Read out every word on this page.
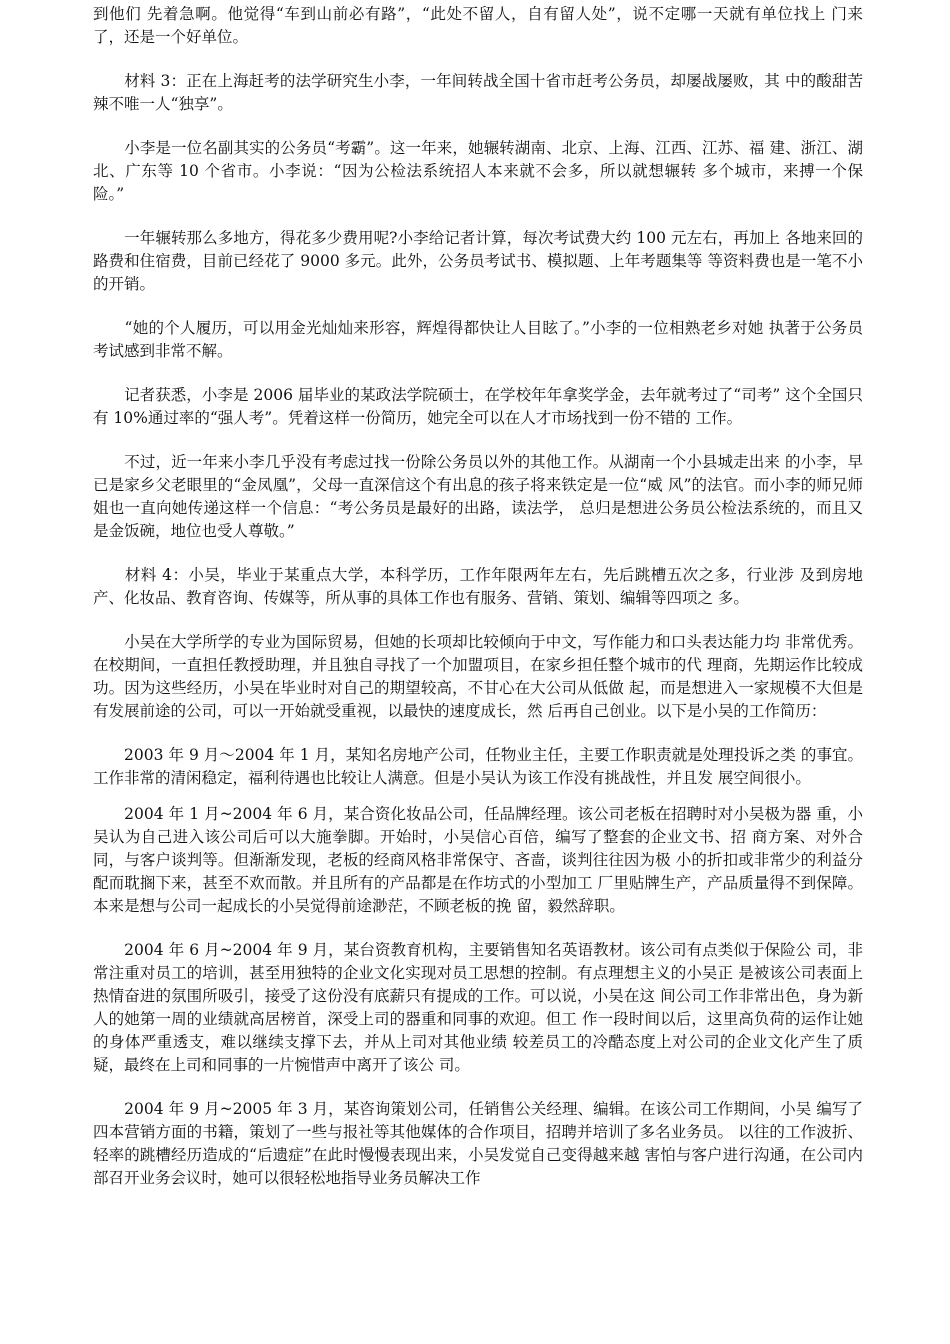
到他们 先着急啊。他觉得“车到山前必有路”，“此处不留人，自有留人处”，说不定哪一天就有单位找上 门来了，还是一个好单位。

　　材料 3：正在上海赶考的法学研究生小李，一年间转战全国十省市赶考公务员，却屡战屡败，其 中的酸甜苦辣不唯一人“独享”。

　　小李是一位名副其实的公务员“考霸”。这一年来，她辗转湖南、北京、上海、江西、江苏、福 建、浙江、湖北、广东等 10 个省市。小李说：“因为公检法系统招人本来就不会多，所以就想辗转 多个城市，来搏一个保险。”

　　一年辗转那么多地方，得花多少费用呢?小李给记者计算，每次考试费大约 100 元左右，再加上 各地来回的路费和住宿费，目前已经花了 9000 多元。此外，公务员考试书、模拟题、上年考题集等 等资料费也是一笔不小的开销。

　　“她的个人履历，可以用金光灿灿来形容，辉煌得都快让人目眩了。”小李的一位相熟老乡对她 执著于公务员考试感到非常不解。

　　记者获悉，小李是 2006 届毕业的某政法学院硕士，在学校年年拿奖学金，去年就考过了“司考” 这个全国只有 10%通过率的“强人考”。凭着这样一份简历，她完全可以在人才市场找到一份不错的 工作。

　　不过，近一年来小李几乎没有考虑过找一份除公务员以外的其他工作。从湖南一个小县城走出来 的小李，早已是家乡父老眼里的“金凤凰”，父母一直深信这个有出息的孩子将来铁定是一位“威 风”的法官。而小李的师兄师姐也一直向她传递这样一个信息：“考公务员是最好的出路，读法学， 总归是想进公务员公检法系统的，而且又是金饭碗，地位也受人尊敬。”

　　材料 4：小吴，毕业于某重点大学，本科学历，工作年限两年左右，先后跳槽五次之多，行业涉 及到房地产、化妆品、教育咨询、传媒等，所从事的具体工作也有服务、营销、策划、编辑等四项之 多。

　　小吴在大学所学的专业为国际贸易，但她的长项却比较倾向于中文，写作能力和口头表达能力均 非常优秀。在校期间，一直担任教授助理，并且独自寻找了一个加盟项目，在家乡担任整个城市的代 理商，先期运作比较成功。因为这些经历，小吴在毕业时对自己的期望较高，不甘心在大公司从低做 起，而是想进入一家规模不大但是有发展前途的公司，可以一开始就受重视，以最快的速度成长，然 后再自己创业。以下是小吴的工作简历：

　　2003 年 9 月～2004 年 1 月，某知名房地产公司，任物业主任，主要工作职责就是处理投诉之类 的事宜。工作非常的清闲稳定，福利待遇也比较让人满意。但是小吴认为该工作没有挑战性，并且发 展空间很小。

　　2004 年 1 月~2004 年 6 月，某合资化妆品公司，任品牌经理。该公司老板在招聘时对小吴极为器 重，小吴认为自己进入该公司后可以大施拳脚。开始时，小吴信心百倍，编写了整套的企业文书、招 商方案、对外合同，与客户谈判等。但渐渐发现，老板的经商风格非常保守、吝啬，谈判往往因为极 小的折扣或非常少的利益分配而耽搁下来，甚至不欢而散。并且所有的产品都是在作坊式的小型加工 厂里贴牌生产，产品质量得不到保障。本来是想与公司一起成长的小吴觉得前途渺茫，不顾老板的挽 留，毅然辞职。

　　2004 年 6 月~2004 年 9 月，某台资教育机构，主要销售知名英语教材。该公司有点类似于保险公 司，非常注重对员工的培训，甚至用独特的企业文化实现对员工思想的控制。有点理想主义的小吴正 是被该公司表面上热情奋进的氛围所吸引，接受了这份没有底薪只有提成的工作。可以说，小吴在这 间公司工作非常出色，身为新人的她第一周的业绩就高居榜首，深受上司的器重和同事的欢迎。但工 作一段时间以后，这里高负荷的运作让她的身体严重透支，难以继续支撑下去，并从上司对其他业绩 较差员工的冷酷态度上对公司的企业文化产生了质疑，最终在上司和同事的一片惋惜声中离开了该公 司。

　　2004 年 9 月~2005 年 3 月，某咨询策划公司，任销售公关经理、编辑。在该公司工作期间，小吴 编写了四本营销方面的书籍，策划了一些与报社等其他媒体的合作项目，招聘并培训了多名业务员。 以往的工作波折、轻率的跳槽经历造成的“后遗症”在此时慢慢表现出来，小吴发觉自己变得越来越 害怕与客户进行沟通，在公司内部召开业务会议时，她可以很轻松地指导业务员解决工作
